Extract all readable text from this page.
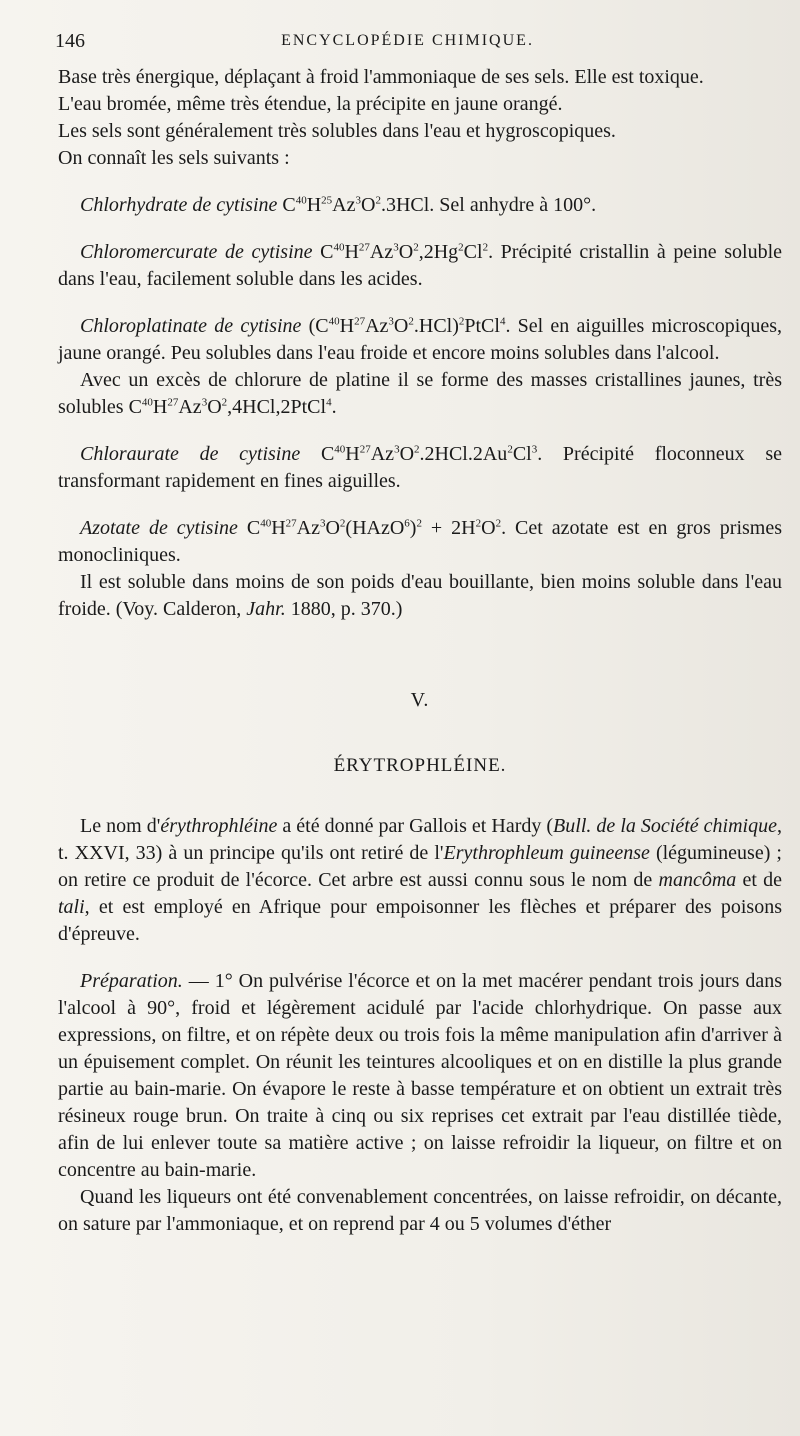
146	ENCYCLOPÉDIE CHIMIQUE.

Base très énergique, déplaçant à froid l'ammoniaque de ses sels. Elle est toxique.

L'eau bromée, même très étendue, la précipite en jaune orangé.

Les sels sont généralement très solubles dans l'eau et hygroscopiques.

On connaît les sels suivants :

Chlorhydrate de cytisine $C^{40}H^{25}Az^3O^2.3HCl$. Sel anhydre à 100°.

Chloromercurate de cytisine $C^{40}H^{27}Az^3O^2,2Hg^2Cl^2$. Précipité cristallin à peine soluble dans l'eau, facilement soluble dans les acides.

Chloroplatinate de cytisine $(C^{40}H^{27}Az^3O^2.HCl)^2PtCl^4$. Sel en aiguilles microscopiques, jaune orangé. Peu solubles dans l'eau froide et encore moins solubles dans l'alcool.

Avec un excès de chlorure de platine il se forme des masses cristallines jaunes, très solubles $C^{40}H^{27}Az^3O^2,4HCl,2PtCl^4$.

Chloraurate de cytisine $C^{40}H^{27}Az^3O^2.2HCl.2Au^2Cl^3$. Précipité floconneux se transformant rapidement en fines aiguilles.

Azotate de cytisine $C^{40}H^{27}Az^3O^2(HAzO^6)^2 + 2H^2O^2$. Cet azotate est en gros prismes monocliniques.

Il est soluble dans moins de son poids d'eau bouillante, bien moins soluble dans l'eau froide. (Voy. Calderon, Jahr. 1880, p. 370.)

V.
ÉRYTROPHLÉINE.

Le nom d'érythrophléine a été donné par Gallois et Hardy (Bull. de la Société chimique, t. XXVI, 33) à un principe qu'ils ont retiré de l'Erythrophleum guineense (légumineuse) ; on retire ce produit de l'écorce. Cet arbre est aussi connu sous le nom de mancôma et de tali, et est employé en Afrique pour empoisonner les flèches et préparer des poisons d'épreuve.

Préparation. — 1° On pulvérise l'écorce et on la met macérer pendant trois jours dans l'alcool à 90°, froid et légèrement acidulé par l'acide chlorhydrique. On passe aux expressions, on filtre, et on répète deux ou trois fois la même manipulation afin d'arriver à un épuisement complet. On réunit les teintures alcooliques et on en distille la plus grande partie au bain-marie. On évapore le reste à basse température et on obtient un extrait très résineux rouge brun. On traite à cinq ou six reprises cet extrait par l'eau distillée tiède, afin de lui enlever toute sa matière active ; on laisse refroidir la liqueur, on filtre et on concentre au bain-marie.

Quand les liqueurs ont été convenablement concentrées, on laisse refroidir, on décante, on sature par l'ammoniaque, et on reprend par 4 ou 5 volumes d'éther
